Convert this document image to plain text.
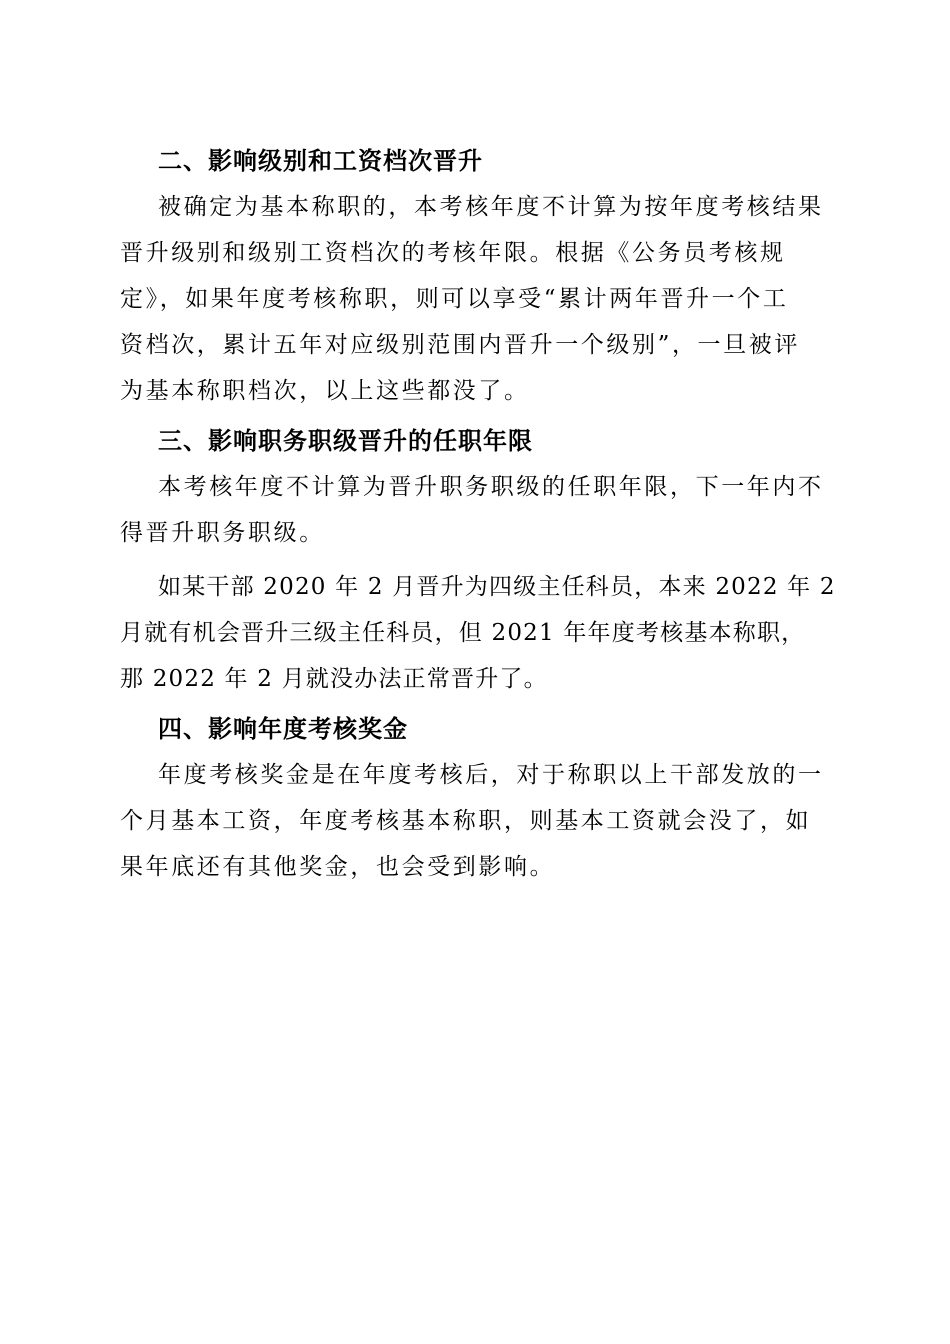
二、影响级别和工资档次晋升
被确定为基本称职的，本考核年度不计算为按年度考核结果
晋升级别和级别工资档次的考核年限。根据《公务员考核规
定》，如果年度考核称职，则可以享受“累计两年晋升一个工
资档次，累计五年对应级别范围内晋升一个级别”，一旦被评
为基本称职档次，以上这些都没了。
三、影响职务职级晋升的任职年限
本考核年度不计算为晋升职务职级的任职年限，下一年内不
得晋升职务职级。
如某干部 2020 年 2 月晋升为四级主任科员，本来 2022 年 2
月就有机会晋升三级主任科员，但 2021 年年度考核基本称职，
那 2022 年 2 月就没办法正常晋升了。
四、影响年度考核奖金
年度考核奖金是在年度考核后，对于称职以上干部发放的一
个月基本工资，年度考核基本称职，则基本工资就会没了，如
果年底还有其他奖金，也会受到影响。
